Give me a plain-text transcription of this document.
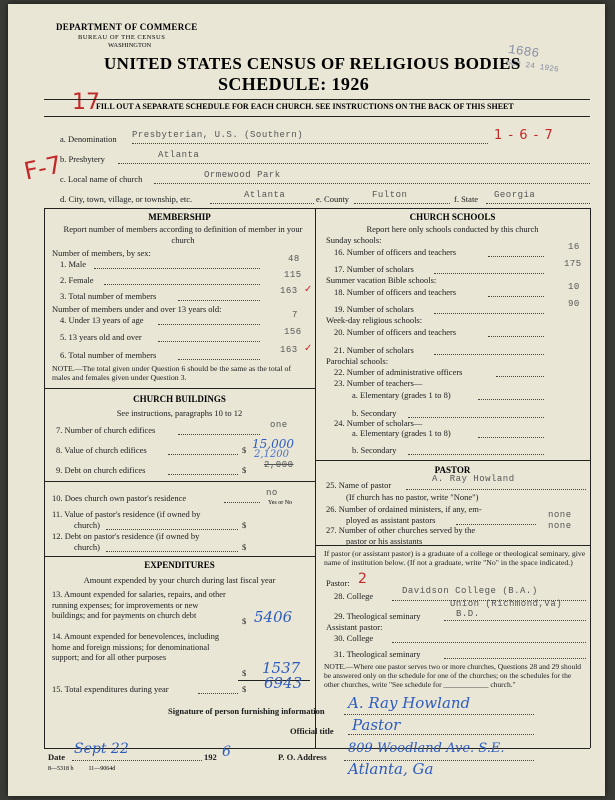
DEPARTMENT OF COMMERCE
BUREAU OF THE CENSUS
WASHINGTON	1686
SEP 24 1926
UNITED STATES CENSUS OF RELIGIOUS BODIES
SCHEDULE: 1926
17
FILL OUT A SEPARATE SCHEDULE FOR EACH CHURCH. SEE INSTRUCTIONS ON THE BACK OF THIS SHEET
a. Denomination Presbyterian, U.S. (Southern)	1 - 6 - 7
b. Presbytery	Atlanta
c. Local name of church	Ormewood Park
d. City, town, village, or township, etc.	Atlanta	e. County	Fulton	f. State Georgia
F-7
MEMBERSHIP
Report number of members according to definition of member in your church
Number of members, by sex:
1. Male	48
2. Female	115
3. Total number of members	163 ✓
Number of members under and over 13 years old:
4. Under 13 years of age	7
5. 13 years old and over	156
6. Total number of members	163 ✓
NOTE.—The total given under Question 6 should be the same as the total of males and females given under Question 3.
CHURCH BUILDINGS
See instructions, paragraphs 10 to 12
7. Number of church edifices	one
8. Value of church edifices	$ 15,000
2,1200
9. Debt on church edifices	$ 2,000
10. Does church own pastor's residence	no
Yes or No
11. Value of pastor's residence (if owned by
church)	$
12. Debt on pastor's residence (if owned by
church)	$
EXPENDITURES
Amount expended by your church during last fiscal year
13. Amount expended for salaries, repairs, and other running expenses; for improvements or new buildings; and for payments on church debt
$ 5406
14. Amount expended for benevolences, including home and foreign missions; for denominational support; and for all other purposes
$ 1537
15. Total expenditures during year	$ 6943
CHURCH SCHOOLS
Report here only schools conducted by this church
Sunday schools:
16. Number of officers and teachers	16
17. Number of scholars	175
Summer vacation Bible schools:
18. Number of officers and teachers	10
19. Number of scholars	90
Week-day religious schools:
20. Number of officers and teachers
21. Number of scholars
Parochial schools:
22. Number of administrative officers
23. Number of teachers—
a. Elementary (grades 1 to 8)
b. Secondary
24. Number of scholars—
a. Elementary (grades 1 to 8)
b. Secondary
PASTOR
25. Name of pastor
A. Ray Howland
(If church has no pastor, write "None")
26. Number of ordained ministers, if any, em-
ployed as assistant pastors	none
27. Number of other churches served by the
pastor or his assistants
none
If pastor (or assistant pastor) is a graduate of a college or theological seminary, give name of institution below. (If not a graduate, write "No" in the space indicated.)
Pastor: 2
28. College	Davidson College (B.A.)
Union (Richmond,Va)
29. Theological seminary	B.D.
Assistant pastor:
30. College
31. Theological seminary
NOTE.—Where one pastor serves two or more churches, Questions 28 and 29 should be answered only on the schedule for one of the churches; on the schedules for the other churches, write "See schedule for ____________ church."
Signature of person furnishing information A. Ray Howland
Official title Pastor
Date Sept 22	192 6	P. O. Address
809 Woodland Ave. S.E.
Atlanta, Ga
8—5318 b          11—9064d
